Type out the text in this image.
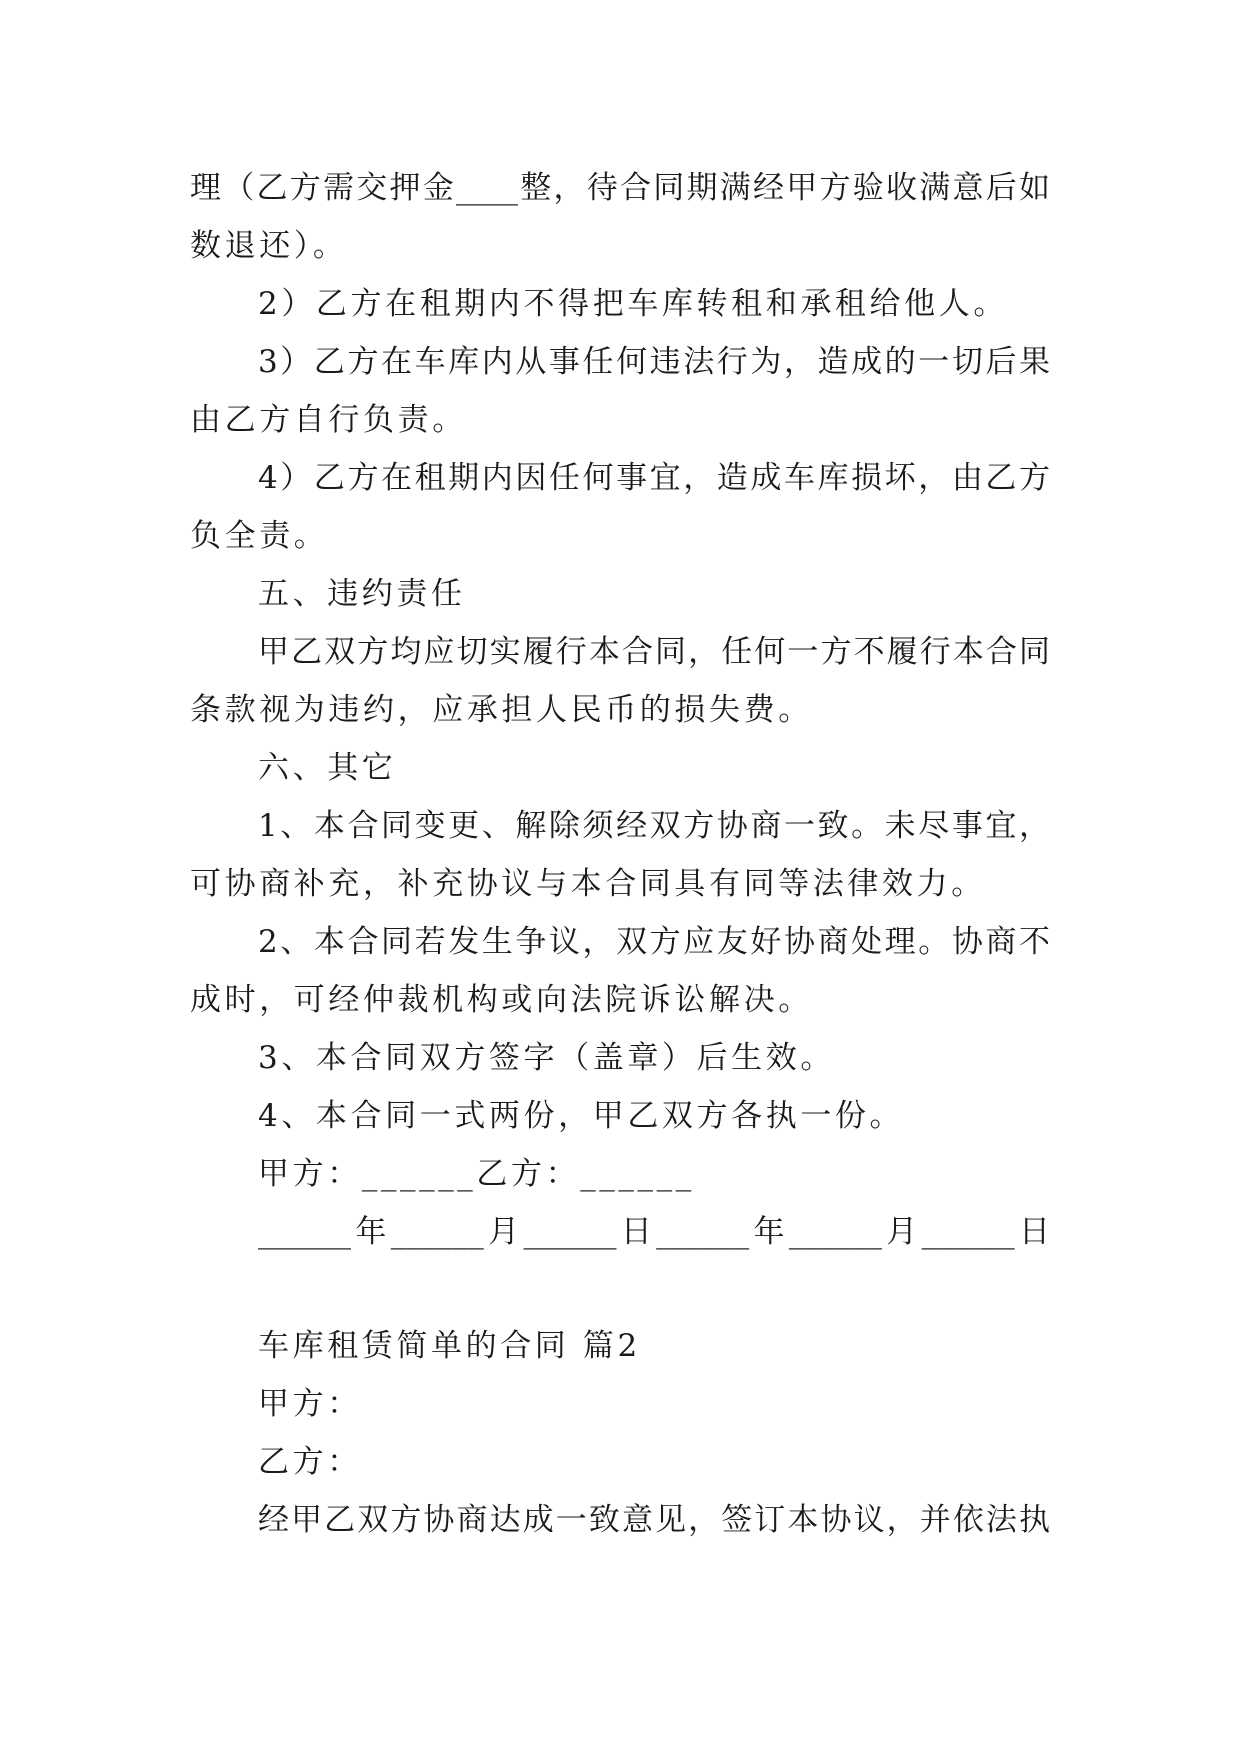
理（乙方需交押金____整，待合同期满经甲方验收满意后如
数退还）。
2）乙方在租期内不得把车库转租和承租给他人。
3）乙方在车库内从事任何违法行为，造成的一切后果
由乙方自行负责。
4）乙方在租期内因任何事宜，造成车库损坏，由乙方
负全责。
五、违约责任
甲乙双方均应切实履行本合同，任何一方不履行本合同
条款视为违约，应承担人民币的损失费。
六、其它
1、本合同变更、解除须经双方协商一致。未尽事宜，
可协商补充，补充协议与本合同具有同等法律效力。
2、本合同若发生争议，双方应友好协商处理。协商不
成时，可经仲裁机构或向法院诉讼解决。
3、本合同双方签字（盖章）后生效。
4、本合同一式两份，甲乙双方各执一份。
甲方：______乙方：______
______年______月______日______年______月______日
车库租赁简单的合同 篇2
甲方：
乙方：
经甲乙双方协商达成一致意见，签订本协议，并依法执
